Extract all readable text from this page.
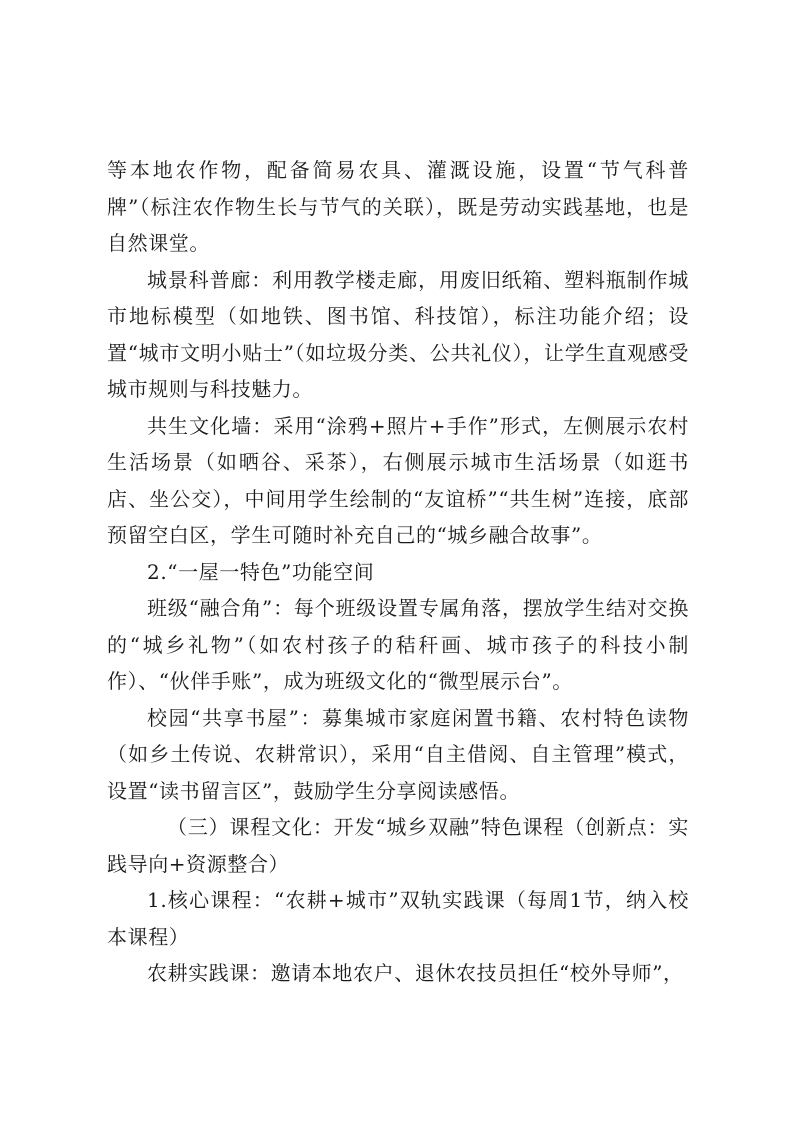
等本地农作物，配备简易农具、灌溉设施，设置“节气科普牌”（标注农作物生长与节气的关联），既是劳动实践基地，也是自然课堂。

城景科普廊：利用教学楼走廊，用废旧纸箱、塑料瓶制作城市地标模型（如地铁、图书馆、科技馆），标注功能介绍；设置“城市文明小贴士”（如垃圾分类、公共礼仪），让学生直观感受城市规则与科技魅力。

共生文化墙：采用“涂鸦+照片+手作”形式，左侧展示农村生活场景（如晒谷、采茶），右侧展示城市生活场景（如逛书店、坐公交），中间用学生绘制的“友谊桥”“共生树”连接，底部预留空白区，学生可随时补充自己的“城乡融合故事”。

2.“一屋一特色”功能空间

班级“融合角”：每个班级设置专属角落，摆放学生结对交换的“城乡礼物”（如农村孩子的秸秆画、城市孩子的科技小制作）、“伙伴手账”，成为班级文化的“微型展示台”。

校园“共享书屋”：募集城市家庭闲置书籍、农村特色读物（如乡土传说、农耕常识），采用“自主借阅、自主管理”模式，设置“读书留言区”，鼓励学生分享阅读感悟。

（三）课程文化：开发“城乡双融”特色课程（创新点：实践导向+资源整合）

1.核心课程：“农耕+城市”双轨实践课（每周1节，纳入校本课程）

农耕实践课：邀请本地农户、退休农技员担任“校外导师”，
